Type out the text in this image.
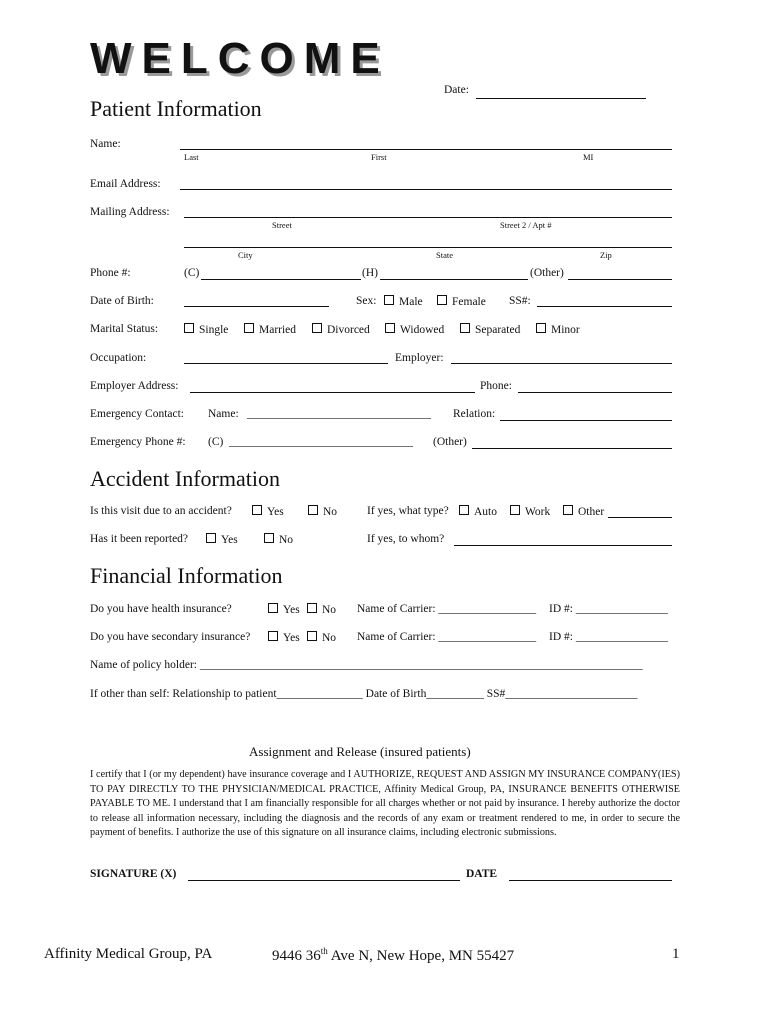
WELCOME
Date:
Patient Information
Name:
Last	First	MI
Email Address:
Mailing Address:
Street	Street 2 / Apt #
City	State	Zip
Phone #:	(C)	(H)	(Other)
Date of Birth:	Sex:	Male	Female SS#:
Marital Status:	Single	Married	Divorced	Widowed	Separated	Minor
Occupation:	Employer:
Employer Address:	Phone:
Emergency Contact: Name: ________________________________ Relation:
Emergency Phone #: (C) ________________________________ (Other)
Accident Information
Is this visit due to an accident?	Yes	No	If yes, what type?	Auto	Work	Other
Has it been reported?	Yes	No	If yes, to whom?
Financial Information
Do you have health insurance?	Yes	No Name of Carrier: _________________ ID #: ________________
Do you have secondary insurance?	Yes	No Name of Carrier: _________________ ID #: ________________
Name of policy holder: _____________________________________________________________________________
If other than self: Relationship to patient_______________ Date of Birth__________ SS#_______________________
Assignment and Release (insured patients)
I certify that I (or my dependent) have insurance coverage and I AUTHORIZE, REQUEST AND ASSIGN MY INSURANCE COMPANY(IES) TO PAY DIRECTLY TO THE PHYSICIAN/MEDICAL PRACTICE, Affinity Medical Group, PA, INSURANCE BENEFITS OTHERWISE PAYABLE TO ME. I understand that I am financially responsible for all charges whether or not paid by insurance. I hereby authorize the doctor to release all information necessary, including the diagnosis and the records of any exam or treatment rendered to me, in order to secure the payment of benefits. I authorize the use of this signature on all insurance claims, including electronic submissions.
SIGNATURE (X)	DATE
Affinity Medical Group, PA	9446 36th Ave N, New Hope, MN 55427	1
